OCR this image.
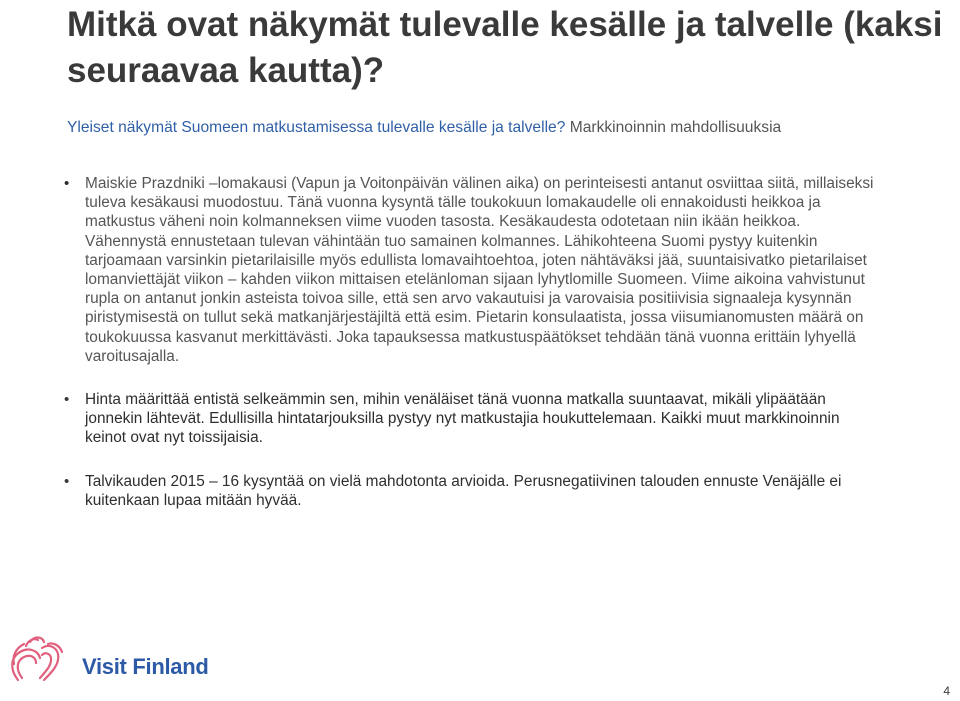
Mitkä ovat näkymät tulevalle kesälle ja talvelle (kaksi seuraavaa kautta)?
Yleiset näkymät Suomeen matkustamisessa tulevalle kesälle ja talvelle? Markkinoinnin mahdollisuuksia
• Maiskie Prazdniki –lomakausi (Vapun ja Voitonpäivän välinen aika) on perinteisesti antanut osviittaa siitä, millaiseksi tuleva kesäkausi muodostuu. Tänä vuonna kysyntä tälle toukokuun lomakaudelle oli ennakoidusti heikkoa ja matkustus väheni noin kolmanneksen viime vuoden tasosta. Kesäkaudesta odotetaan niin ikään heikkoa. Vähennystä ennustetaan tulevan vähintään tuo samainen kolmannes. Lähikohteena Suomi pystyy kuitenkin tarjoamaan varsinkin pietarilaisille myös edullista lomavaihtoehtoa, joten nähtäväksi jää, suuntaisivatko pietarilaiset lomanviettäjät viikon – kahden viikon mittaisen etelänloman sijaan lyhytlomille Suomeen. Viime aikoina vahvistunut rupla on antanut jonkin asteista toivoa sille, että sen arvo vakautuisi ja varovaisia positiivisia signaaleja kysynnän piristymisestä on tullut sekä matkanjärjestäjiltä että esim. Pietarin konsulaatista, jossa viisumianomusten määrä on toukokuussa kasvanut merkittävästi. Joka tapauksessa matkustuspäätökset tehdään tänä vuonna erittäin lyhyellä varoitusajalla.
• Hinta määrittää entistä selkeämmin sen, mihin venäläiset tänä vuonna matkalla suuntaavat, mikäli ylipäätään jonnekin lähtevät. Edullisilla hintatarjouksilla pystyy nyt matkustajia houkuttelemaan. Kaikki muut markkinoinnin keinot ovat nyt toissijaisia.
• Talvikauden 2015 – 16 kysyntää on vielä mahdotonta arvioida. Perusnegatiivinen talouden ennuste Venäjälle ei kuitenkaan lupaa mitään hyvää.
Visit Finland
4
